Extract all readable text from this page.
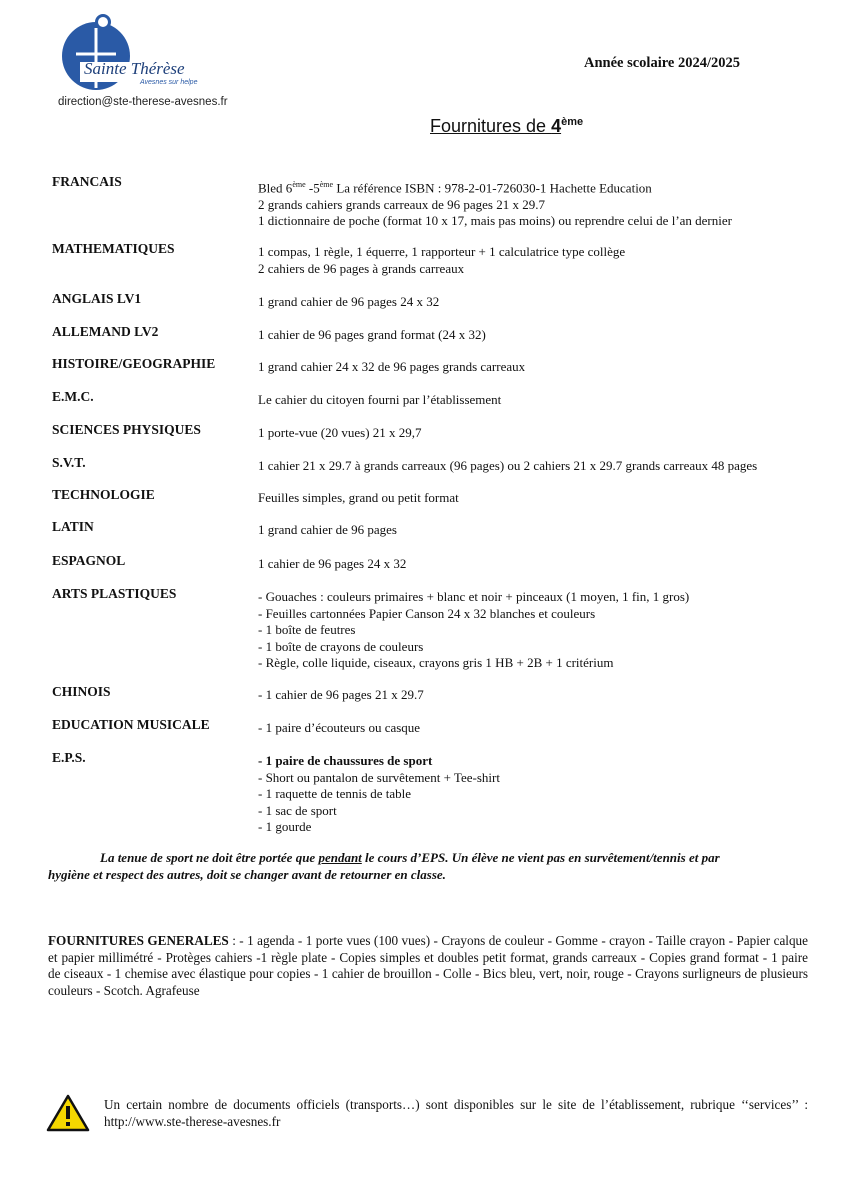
Sainte Thérèse
Avesnes sur helpe
direction@ste-therese-avesnes.fr
Année scolaire 2024/2025
Fournitures de 4ème
FRANCAIS	Bled 6ème -5ème La référence ISBN : 978-2-01-726030-1 Hachette Education
2 grands cahiers grands carreaux de 96 pages 21 x 29.7
1 dictionnaire de poche (format 10 x 17, mais pas moins) ou reprendre celui de l’an dernier
MATHEMATIQUES	1 compas, 1 règle, 1 équerre, 1 rapporteur + 1 calculatrice type collège
2 cahiers de 96 pages à grands carreaux
ANGLAIS LV1	1 grand cahier de 96 pages 24 x 32
ALLEMAND LV2	1 cahier de 96 pages grand format (24 x 32)
HISTOIRE/GEOGRAPHIE	1 grand cahier 24 x 32 de 96 pages grands carreaux
E.M.C.	Le cahier du citoyen fourni par l’établissement
SCIENCES PHYSIQUES	1 porte-vue (20 vues) 21 x 29,7
S.V.T.	1 cahier 21 x 29.7 à grands carreaux (96 pages) ou 2 cahiers 21 x 29.7 grands carreaux 48 pages
TECHNOLOGIE	Feuilles simples, grand ou petit format
LATIN	1 grand cahier de 96 pages
ESPAGNOL	1 cahier de 96 pages 24 x 32
ARTS PLASTIQUES	- Gouaches : couleurs primaires + blanc et noir + pinceaux (1 moyen, 1 fin, 1 gros)
- Feuilles cartonnées Papier Canson 24 x 32 blanches et couleurs
- 1 boîte de feutres
- 1 boîte de crayons de couleurs
- Règle, colle liquide, ciseaux, crayons gris 1 HB + 2B + 1 critérium
CHINOIS	- 1 cahier de 96 pages 21 x 29.7
EDUCATION MUSICALE	- 1 paire d’écouteurs ou casque
E.P.S.	- 1 paire de chaussures de sport
- Short ou pantalon de survêtement + Tee-shirt
- 1 raquette de tennis de table
- 1 sac de sport
- 1 gourde
La tenue de sport ne doit être portée que pendant le cours d’EPS. Un élève ne vient pas en survêtement/tennis et par
hygiène et respect des autres, doit se changer avant de retourner en classe.
FOURNITURES GENERALES : - 1 agenda - 1 porte vues (100 vues) - Crayons de couleur - Gomme - crayon - Taille crayon - Papier calque et papier millimétré - Protèges cahiers -1 règle plate - Copies simples et doubles petit format, grands carreaux - Copies grand format - 1 paire de ciseaux - 1 chemise avec élastique pour copies - 1 cahier de brouillon - Colle - Bics bleu, vert, noir, rouge - Crayons surligneurs de plusieurs couleurs - Scotch. Agrafeuse
Un certain nombre de documents officiels (transports…) sont disponibles sur le site de l’établissement, rubrique ‘‘services’’ : http://www.ste-therese-avesnes.fr
